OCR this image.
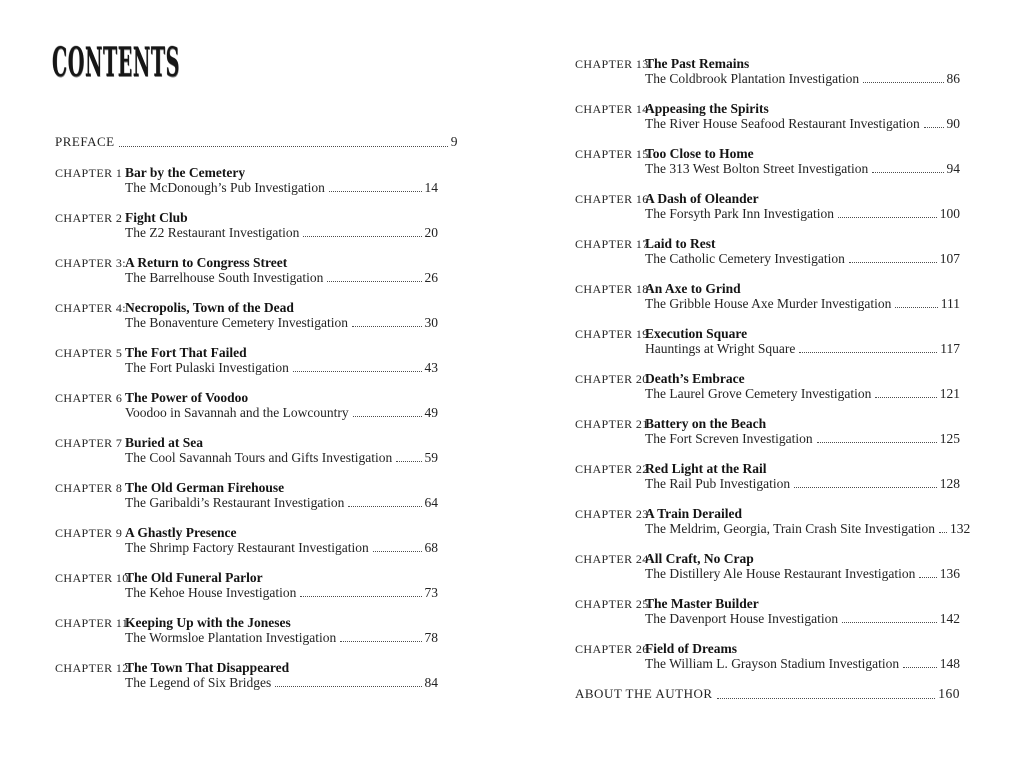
CONTENTS
PREFACE	9
CHAPTER 1 Bar by the Cemetery
The McDonough’s Pub Investigation	14
CHAPTER 2 Fight Club
The Z2 Restaurant Investigation	20
CHAPTER 3:
A Return to Congress Street
The Barrelhouse South Investigation	26
CHAPTER 4:
Necropolis, Town of the Dead
The Bonaventure Cemetery Investigation	30
CHAPTER 5 The Fort That Failed
The Fort Pulaski Investigation	43
CHAPTER 6 The Power of Voodoo
Voodoo in Savannah and the Lowcountry	49
CHAPTER 7 Buried at Sea
The Cool Savannah Tours and Gifts Investigation 59
CHAPTER 8 The Old German Firehouse
The Garibaldi’s Restaurant Investigation	64
CHAPTER 9 A Ghastly Presence
The Shrimp Factory Restaurant Investigation	68
CHAPTER 10
The Old Funeral Parlor
The Kehoe House Investigation	73
CHAPTER 11
Keeping Up with the Joneses
The Wormsloe Plantation Investigation	78
CHAPTER 12
The Town That Disappeared
The Legend of Six Bridges	84
CHAPTER 13
The Past Remains
The Coldbrook Plantation Investigation	86
CHAPTER 14
Appeasing the Spirits
The River House Seafood Restaurant Investigation 90
CHAPTER 15
Too Close to Home
The 313 West Bolton Street Investigation	94
CHAPTER 16
A Dash of Oleander
The Forsyth Park Inn Investigation	100
CHAPTER 17
Laid to Rest
The Catholic Cemetery Investigation	107
CHAPTER 18
An Axe to Grind
The Gribble House Axe Murder Investigation	111
CHAPTER 19
Execution Square
Hauntings at Wright Square	117
CHAPTER 20
Death’s Embrace
The Laurel Grove Cemetery Investigation	121
CHAPTER 21
Battery on the Beach
The Fort Screven Investigation	125
CHAPTER 22
Red Light at the Rail
The Rail Pub Investigation	128
CHAPTER 23
A Train Derailed
The Meldrim, Georgia, Train Crash Site Investigation 132
CHAPTER 24
All Craft, No Crap
The Distillery Ale House Restaurant Investigation 136
CHAPTER 25
The Master Builder
The Davenport House Investigation	142
CHAPTER 26
Field of Dreams
The William L. Grayson Stadium Investigation	148
ABOUT THE AUTHOR	160
